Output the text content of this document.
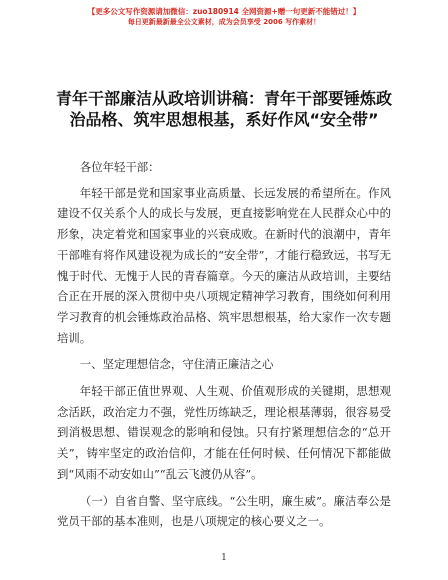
【更多公文写作资源请加微信：zuo180914 全网资源+赠一句更新不能错过！】
每日更新最新最全公文素材，成为会员享受 2006 写作素材！
青年干部廉洁从政培训讲稿：青年干部要锤炼政治品格、筑牢思想根基，系好作风“安全带”

各位年轻干部：

年轻干部是党和国家事业高质量、长远发展的希望所在。作风建设不仅关系个人的成长与发展，更直接影响党在人民群众心中的形象，决定着党和国家事业的兴衰成败。在新时代的浪潮中，青年干部唯有将作风建设视为成长的“安全带”，才能行稳致远，书写无愧于时代、无愧于人民的青春篇章。今天的廉洁从政培训，主要结合正在开展的深入贯彻中央八项规定精神学习教育，围绕如何利用学习教育的机会锤炼政治品格、筑牢思想根基，给大家作一次专题培训。

一、坚定理想信念，守住清正廉洁之心

年轻干部正值世界观、人生观、价值观形成的关键期，思想观念活跃，政治定力不强，党性历练缺乏，理论根基薄弱，很容易受到消极思想、错误观念的影响和侵蚀。只有拧紧理想信念的“总开关”，铸牢坚定的政治信仰，才能在任何时候、任何情况下都能做到“风雨不动安如山”“乱云飞渡仍从容”。

（一）自省自警、坚守底线。“公生明，廉生威”。廉洁奉公是党员干部的基本准则，也是八项规定的核心要义之一。

1
